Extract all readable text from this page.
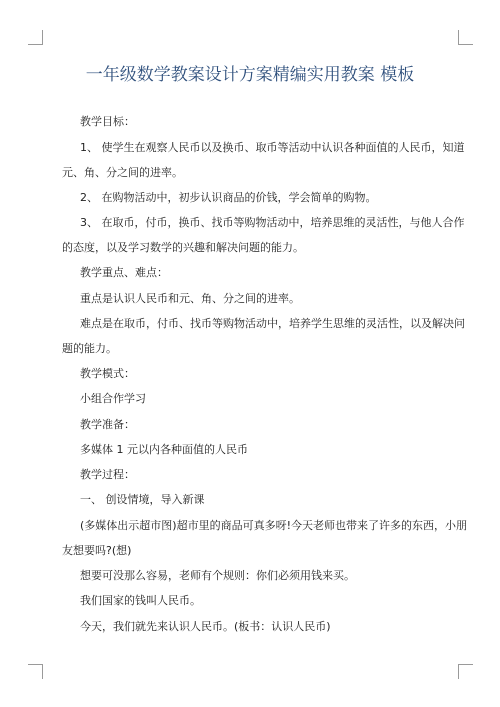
一年级数学教案设计方案精编实用教案 模板
教学目标：
1、 使学生在观察人民币以及换币、取币等活动中认识各种面值的人民币，知道
元、角、分之间的进率。
2、 在购物活动中，初步认识商品的价钱，学会简单的购物。
3、 在取币，付币，换币、找币等购物活动中，培养思维的灵活性，与他人合作
的态度，以及学习数学的兴趣和解决问题的能力。
教学重点、难点：
重点是认识人民币和元、角、分之间的进率。
难点是在取币，付币、找币等购物活动中，培养学生思维的灵活性，以及解决问
题的能力。
教学模式：
小组合作学习
教学准备：
多媒体 1 元以内各种面值的人民币
教学过程：
一、 创设情境，导入新课
(多媒体出示超市图)超市里的商品可真多呀!今天老师也带来了许多的东西，小朋
友想要吗?(想)
想要可没那么容易，老师有个规则：你们必须用钱来买。
我们国家的钱叫人民币。
今天，我们就先来认识人民币。(板书：认识人民币)
